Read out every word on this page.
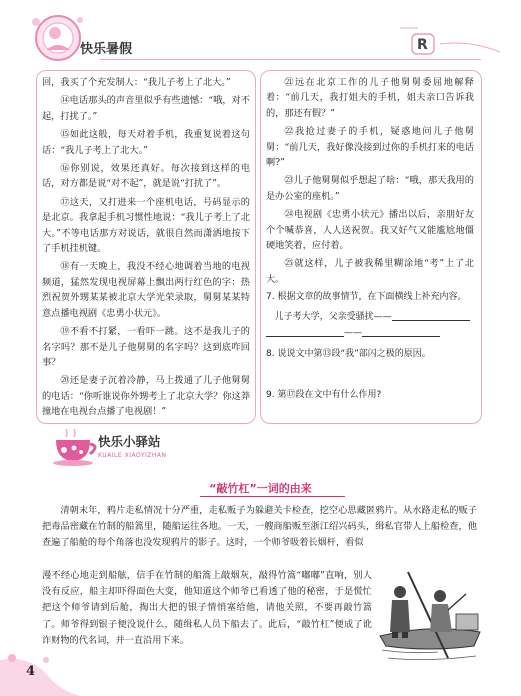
快乐暑假	R

回，我买了个充发制人：“我儿子考上了北大。”

⑭电话那头的声音里似乎有些遗憾：“哦，对不起，打扰了。”

⑮如此这般，每天对着手机，我重复说着这句话：“我儿子考上了北大。”

⑯你别说，效果还真好。每次接到这样的电话，对方都是说“对不起”，就是说“打扰了”。

⑰这天，又打进来一个座机电话，号码显示的是北京。我拿起手机习惯性地说：“我儿子考上了北大。”不等电话那方对说话，就很自然而潇洒地按下了手机挂机键。

⑱有一天晚上，我没不经心地调着当地的电视频道，猛然发现电视屏幕上飘出两行红色的字：热烈祝贺外甥某某被北京大学光荣录取，舅舅某某特意点播电视剧《忠勇小状元》。

⑲不看不打紧，一看吓一跳。这不是我儿子的名字吗？那不是儿子他舅舅的名字吗？这到底咋回事？

⑳还是妻子沉着冷静，马上拨通了儿子他舅舅的电话：“你听谁说你外甥考上了北京大学？你这莽撞地在电视台点播了电视剧！”

㉑远在北京工作的儿子他舅舅委屈地解释着：“前几天，我打姐夫的手机，姐夫亲口告诉我的，那还有假？”

㉒我抢过妻子的手机，疑惑地问儿子他舅舅：“前几天，我好像没接到过你的手机打来的电话啊?”

㉓儿子他舅舅似乎想起了啥：“哦，那天我用的是办公室的座机。”

㉔电视剧《忠勇小状元》播出以后，亲朋好友个个喊恭喜，人人送祝贺。我又好气又能尴尬地僵硬地笑着，应付着。

㉕就这样，儿子被我稀里糊涂地“考”上了北大。

7. 根据文章的故事情节，在下面横线上补充内容。

儿子考大学，父亲受骚扰——
——

8. 说说文中第⑬段“我”部闪之极的原因。

9. 第⑰段在文中有什么作用?

快乐小驿站
KUAILE XIAOYIZHAN
“敲竹杠”一词的由来

清朝末年，鸦片走私情况十分严重，走私贩子为躲避关卡检查，挖空心思藏匿鸦片。从水路走私的贩子把毒品密藏在竹制的船篙里，随船运往各地。一天，一艘商船贩至浙江绍兴码头，缉私官带人上船检查，他查遍了船舱的每个角落也没发现鸦片的影子。这时，一个师爷吸着长烟杆，看似

漫不经心地走到船舷，信手在竹制的船篙上敲烟灰，敲得竹篙“嘟嘟”直响，别人没有反应，船主却吓得面色大变，他知道这个师爷已看透了他的秘密，于是慌忙把这个师爷请到后舱，掏出大把的银子情悄塞给他，请他关照，不要再敲竹篙了。师爷得到银子便没说什么，随缉私人员下船去了。此后，“敲竹杠”便成了讹诈财物的代名词，并一直沿用下来。

4
